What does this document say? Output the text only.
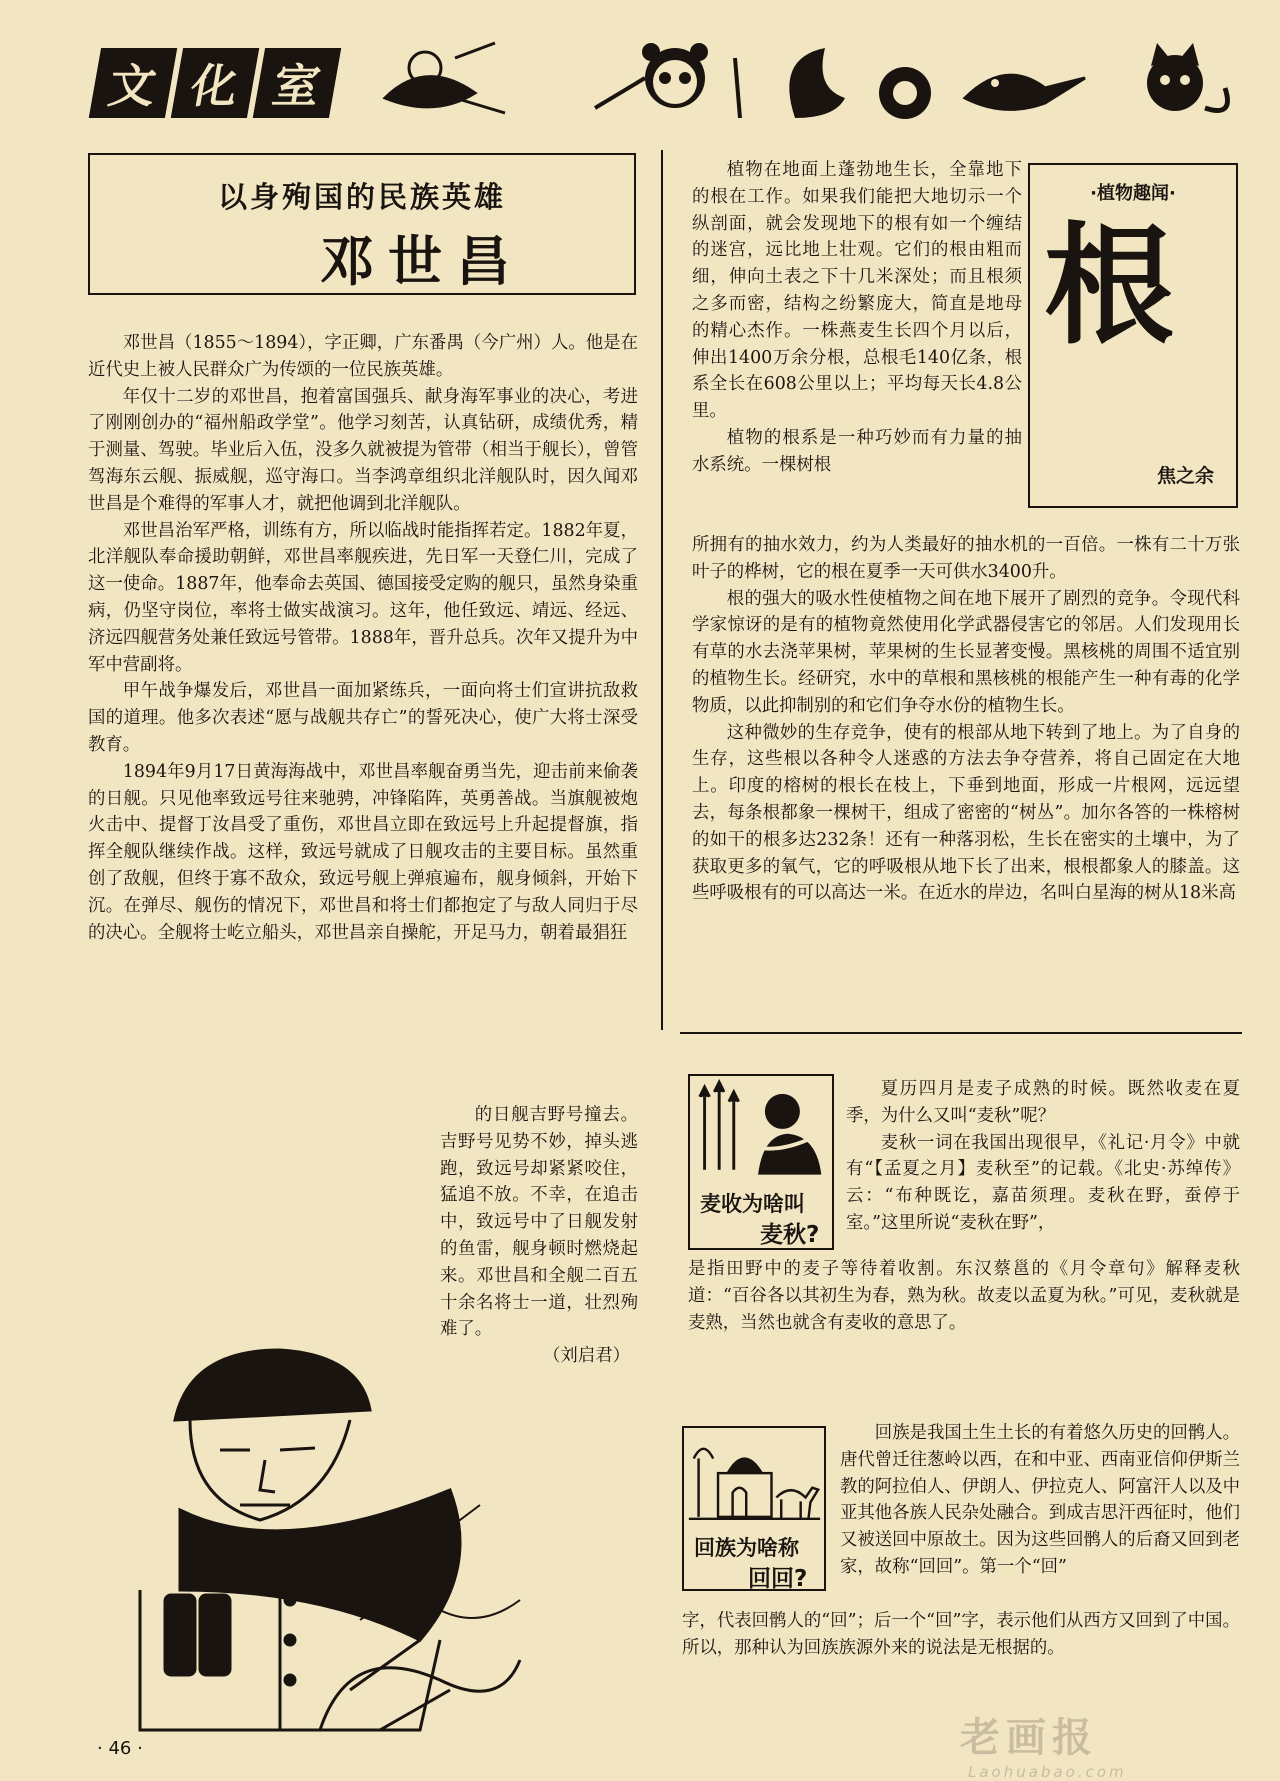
文 化 室
以身殉国的民族英雄
邓世昌

邓世昌（1855～1894），字正卿，广东番禺（今广州）人。他是在近代史上被人民群众广为传颂的一位民族英雄。

年仅十二岁的邓世昌，抱着富国强兵、献身海军事业的决心，考进了刚刚创办的“福州船政学堂”。他学习刻苦，认真钻研，成绩优秀，精于测量、驾驶。毕业后入伍，没多久就被提为管带（相当于舰长），曾管驾海东云舰、振威舰，巡守海口。当李鸿章组织北洋舰队时，因久闻邓世昌是个难得的军事人才，就把他调到北洋舰队。

邓世昌治军严格，训练有方，所以临战时能指挥若定。1882年夏，北洋舰队奉命援助朝鲜，邓世昌率舰疾进，先日军一天登仁川，完成了这一使命。1887年，他奉命去英国、德国接受定购的舰只，虽然身染重病，仍坚守岗位，率将士做实战演习。这年，他任致远、靖远、经远、济远四舰营务处兼任致远号管带。1888年，晋升总兵。次年又提升为中军中营副将。

甲午战争爆发后，邓世昌一面加紧练兵，一面向将士们宣讲抗敌救国的道理。他多次表述“愿与战舰共存亡”的誓死决心，使广大将士深受教育。

1894年9月17日黄海海战中，邓世昌率舰奋勇当先，迎击前来偷袭的日舰。只见他率致远号往来驰骋，冲锋陷阵，英勇善战。当旗舰被炮火击中、提督丁汝昌受了重伤，邓世昌立即在致远号上升起提督旗，指挥全舰队继续作战。这样，致远号就成了日舰攻击的主要目标。虽然重创了敌舰，但终于寡不敌众，致远号舰上弹痕遍布，舰身倾斜，开始下沉。在弹尽、舰伤的情况下，邓世昌和将士们都抱定了与敌人同归于尽的决心。全舰将士屹立船头，邓世昌亲自操舵，开足马力，朝着最猖狂

的日舰吉野号撞去。吉野号见势不妙，掉头逃跑，致远号却紧紧咬住，猛追不放。不幸，在追击中，致远号中了日舰发射的鱼雷，舰身顿时燃烧起来。邓世昌和全舰二百五十余名将士一道，壮烈殉难了。

（刘启君）

植物在地面上蓬勃地生长，全靠地下的根在工作。如果我们能把大地切示一个纵剖面，就会发现地下的根有如一个缠结的迷宫，远比地上壮观。它们的根由粗而细，伸向土表之下十几米深处；而且根须之多而密，结构之纷繁庞大，简直是地母的精心杰作。一株燕麦生长四个月以后，伸出1400万余分根，总根毛140亿条，根系全长在608公里以上；平均每天长4.8公里。

植物的根系是一种巧妙而有力量的抽水系统。一棵树根

·植物趣闻·
根
焦之余

所拥有的抽水效力，约为人类最好的抽水机的一百倍。一株有二十万张叶子的桦树，它的根在夏季一天可供水3400升。

根的强大的吸水性使植物之间在地下展开了剧烈的竞争。令现代科学家惊讶的是有的植物竟然使用化学武器侵害它的邻居。人们发现用长有草的水去浇苹果树，苹果树的生长显著变慢。黑核桃的周围不适宜别的植物生长。经研究，水中的草根和黑核桃的根能产生一种有毒的化学物质，以此抑制别的和它们争夺水份的植物生长。

这种微妙的生存竞争，使有的根部从地下转到了地上。为了自身的生存，这些根以各种令人迷惑的方法去争夺营养，将自己固定在大地上。印度的榕树的根长在枝上，下垂到地面，形成一片根网，远远望去，每条根都象一棵树干，组成了密密的“树丛”。加尔各答的一株榕树的如干的根多达232条！还有一种落羽松，生长在密实的土壤中，为了获取更多的氧气，它的呼吸根从地下长了出来，根根都象人的膝盖。这些呼吸根有的可以高达一米。在近水的岸边，名叫白星海的树从18米高

麦收为啥叫
麦秋?

夏历四月是麦子成熟的时候。既然收麦在夏季，为什么又叫“麦秋”呢？

麦秋一词在我国出现很早，《礼记·月令》中就有“【孟夏之月】麦秋至”的记载。《北史·苏绰传》云：“布种既讫，嘉苗须理。麦秋在野，蚕停于室。”这里所说“麦秋在野”，

是指田野中的麦子等待着收割。东汉蔡邕的《月令章句》解释麦秋道：“百谷各以其初生为春，熟为秋。故麦以孟夏为秋。”可见，麦秋就是麦熟，当然也就含有麦收的意思了。

回族为啥称
回回?

回族是我国土生土长的有着悠久历史的回鹘人。唐代曾迁往葱岭以西，在和中亚、西南亚信仰伊斯兰教的阿拉伯人、伊朗人、伊拉克人、阿富汗人以及中亚其他各族人民杂处融合。到成吉思汗西征时，他们又被送回中原故土。因为这些回鹘人的后裔又回到老家，故称“回回”。第一个“回”

字，代表回鹘人的“回”；后一个“回”字，表示他们从西方又回到了中国。所以，那种认为回族族源外来的说法是无根据的。

· 46 ·	老画报
Laohuabao.com
